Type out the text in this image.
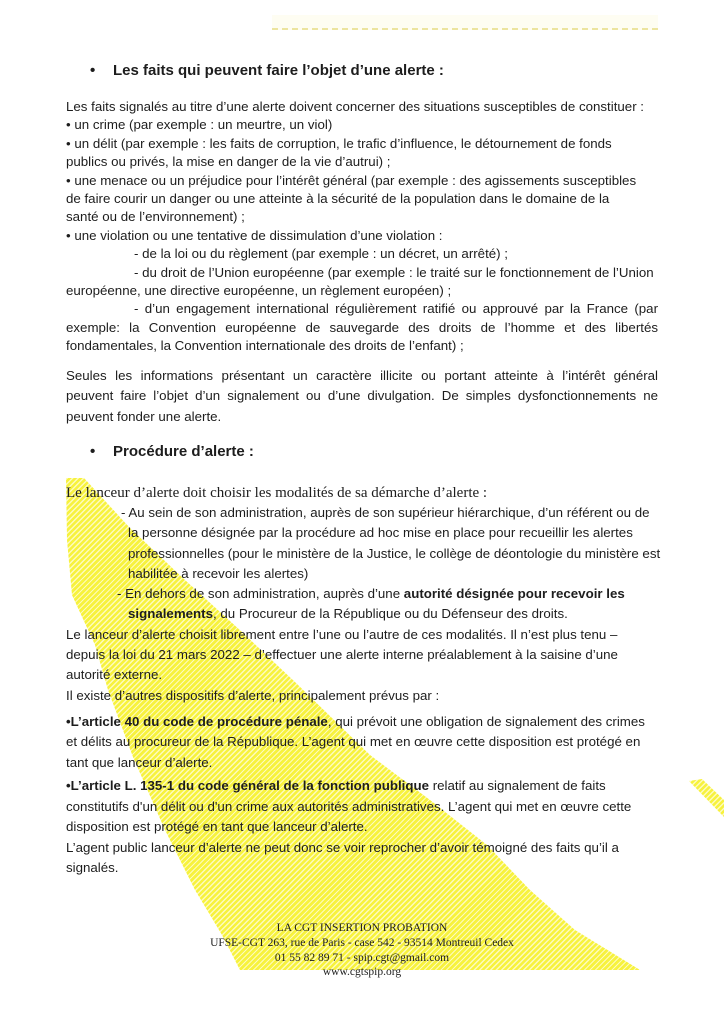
• Les faits qui peuvent faire l’objet d’une alerte :
Les faits signalés au titre d’une alerte doivent concerner des situations susceptibles de constituer :
• un crime (par exemple : un meurtre, un viol)
• un délit (par exemple : les faits de corruption, le trafic d’influence, le détournement de fonds
publics ou privés, la mise en danger de la vie d’autrui) ;
• une menace ou un préjudice pour l’intérêt général (par exemple : des agissements susceptibles
de faire courir un danger ou une atteinte à la sécurité de la population dans le domaine de la
santé ou de l’environnement) ;
• une violation ou une tentative de dissimulation d’une violation :
- de la loi ou du règlement (par exemple : un décret, un arrêté) ;
- du droit de l’Union européenne (par exemple : le traité sur le fonctionnement de l’Union
européenne, une directive européenne, un règlement européen) ;
- d’un engagement international régulièrement ratifié ou approuvé par la France (par
exemple: la Convention européenne de sauvegarde des droits de l’homme et des libertés
fondamentales, la Convention internationale des droits de l’enfant) ;
Seules les informations présentant un caractère illicite ou portant atteinte à l’intérêt général
peuvent faire l’objet d’un signalement ou d’une divulgation. De simples dysfonctionnements ne
peuvent fonder une alerte.
• Procédure d’alerte :
Le lanceur d’alerte doit choisir les modalités de sa démarche d’alerte :
- Au sein de son administration, auprès de son supérieur hiérarchique, d’un référent ou de
la personne désignée par la procédure ad hoc mise en place pour recueillir les alertes
professionnelles (pour le ministère de la Justice, le collège de déontologie du ministère est
habilitée à recevoir les alertes)
- En dehors de son administration, auprès d’une autorité désignée pour recevoir les
signalements, du Procureur de la République ou du Défenseur des droits.
Le lanceur d’alerte choisit librement entre l’une ou l’autre de ces modalités. Il n’est plus tenu –
depuis la loi du 21 mars 2022 – d’effectuer une alerte interne préalablement à la saisine d’une
autorité externe.
Il existe d’autres dispositifs d’alerte, principalement prévus par :
•L’article 40 du code de procédure pénale, qui prévoit une obligation de signalement des crimes
et délits au procureur de la République. L’agent qui met en œuvre cette disposition est protégé en
tant que lanceur d’alerte.
•L’article L. 135-1 du code général de la fonction publique relatif au signalement de faits
constitutifs d'un délit ou d'un crime aux autorités administratives. L’agent qui met en œuvre cette
disposition est protégé en tant que lanceur d’alerte.
L’agent public lanceur d’alerte ne peut donc se voir reprocher d’avoir témoigné des faits qu’il a
signalés.
LA CGT INSERTION PROBATION
UFSE-CGT 263, rue de Paris - case 542 - 93514 Montreuil Cedex
01 55 82 89 71 - spip.cgt@gmail.com
www.cgtspip.org
